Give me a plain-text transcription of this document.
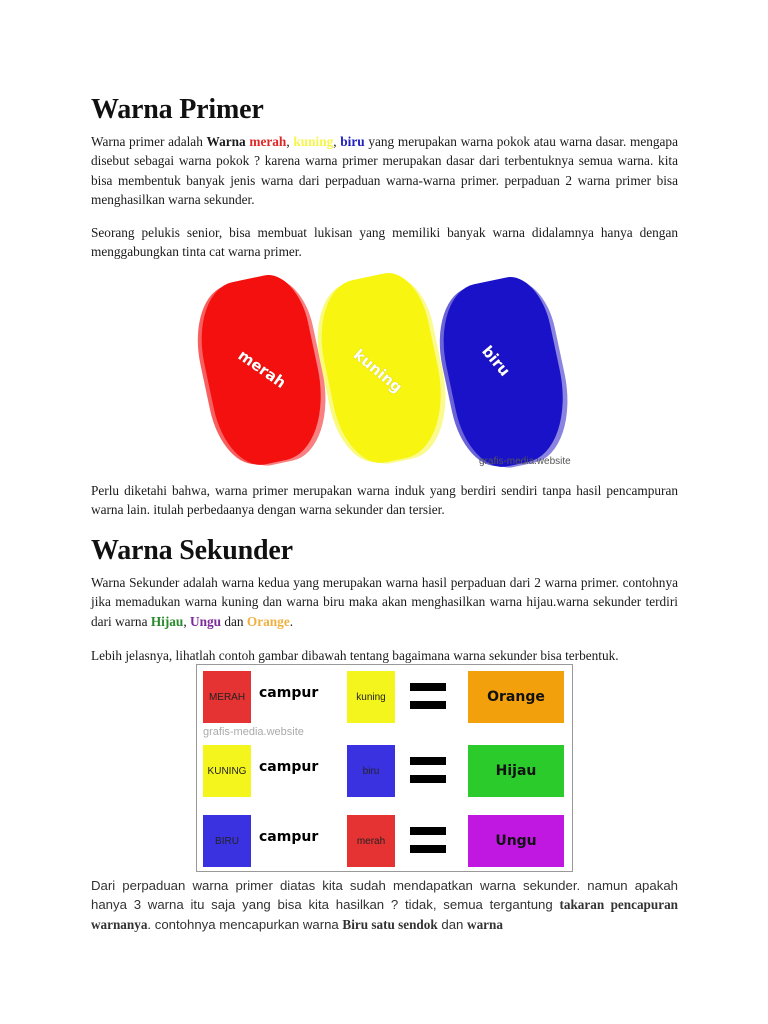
Warna Primer

Warna primer adalah Warna merah, kuning, biru yang merupakan warna pokok atau warna dasar. mengapa disebut sebagai warna pokok ? karena warna primer merupakan dasar dari terbentuknya semua warna. kita bisa membentuk banyak jenis warna dari perpaduan warna-warna primer. perpaduan 2 warna primer bisa menghasilkan warna sekunder.

Seorang pelukis senior, bisa membuat lukisan yang memiliki banyak warna didalamnya hanya dengan menggabungkan tinta cat warna primer.

Perlu diketahi bahwa, warna primer merupakan warna induk yang berdiri sendiri tanpa hasil pencampuran warna lain. itulah perbedaanya dengan warna sekunder dan tersier.

Warna Sekunder

Warna Sekunder adalah warna kedua yang merupakan warna hasil perpaduan dari 2 warna primer. contohnya jika memadukan warna kuning dan warna biru maka akan menghasilkan warna hijau.warna sekunder terdiri dari warna Hijau, Ungu dan Orange.

Lebih jelasnya, lihatlah contoh gambar dibawah tentang bagaimana warna sekunder bisa terbentuk.

Dari perpaduan warna primer diatas kita sudah mendapatkan warna sekunder. namun apakah hanya 3 warna itu saja yang bisa kita hasilkan ? tidak, semua tergantung takaran pencapuran warnanya. contohnya mencapurkan warna Biru satu sendok dan warna

merah	kuning	biru
grafis-media.website
MERAH campur	kuning	Orange
grafis-media.website
KUNING campur	biru	Hijau
BIRU	campur	merah	Ungu
